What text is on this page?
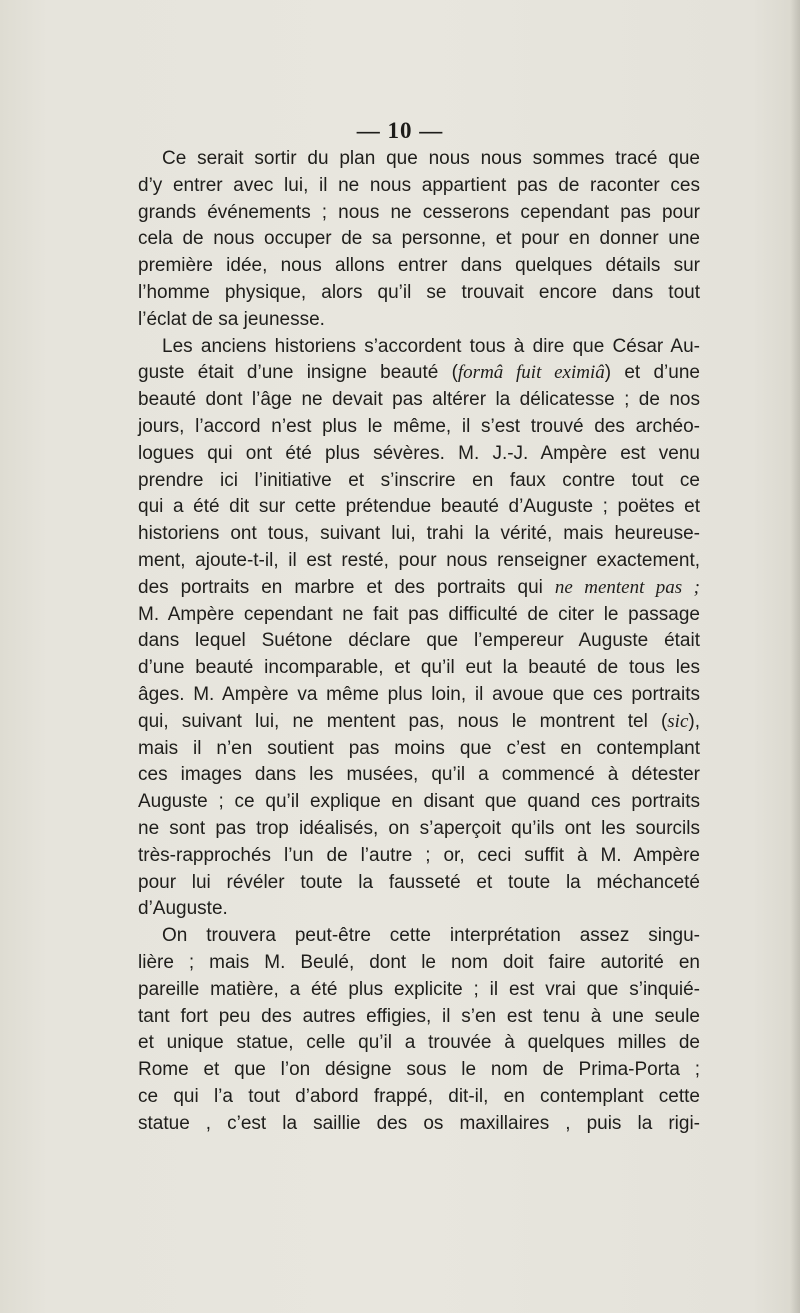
— 10 —
Ce serait sortir du plan que nous nous sommes tracé que
d’y entrer avec lui, il ne nous appartient pas de raconter ces
grands événements ; nous ne cesserons cependant pas pour
cela de nous occuper de sa personne, et pour en donner une
première idée, nous allons entrer dans quelques détails sur
l’homme physique, alors qu’il se trouvait encore dans tout
l’éclat de sa jeunesse.
Les anciens historiens s’accordent tous à dire que César Au-
guste était d’une insigne beauté (formâ fuit eximiâ) et d’une
beauté dont l’âge ne devait pas altérer la délicatesse ; de nos
jours, l’accord n’est plus le même, il s’est trouvé des archéo-
logues qui ont été plus sévères. M. J.-J. Ampère est venu
prendre ici l’initiative et s’inscrire en faux contre tout ce
qui a été dit sur cette prétendue beauté d’Auguste ; poëtes et
historiens ont tous, suivant lui, trahi la vérité, mais heureuse-
ment, ajoute-t-il, il est resté, pour nous renseigner exactement,
des portraits en marbre et des portraits qui ne mentent pas ;
M. Ampère cependant ne fait pas difficulté de citer le passage
dans lequel Suétone déclare que l’empereur Auguste était
d’une beauté incomparable, et qu’il eut la beauté de tous les
âges. M. Ampère va même plus loin, il avoue que ces portraits
qui, suivant lui, ne mentent pas, nous le montrent tel (sic),
mais il n’en soutient pas moins que c’est en contemplant
ces images dans les musées, qu’il a commencé à détester
Auguste ; ce qu’il explique en disant que quand ces portraits
ne sont pas trop idéalisés, on s’aperçoit qu’ils ont les sourcils
très-rapprochés l’un de l’autre ; or, ceci suffit à M. Ampère
pour lui révéler toute la fausseté et toute la méchanceté
d’Auguste.
On trouvera peut-être cette interprétation assez singu-
lière ; mais M. Beulé, dont le nom doit faire autorité en
pareille matière, a été plus explicite ; il est vrai que s’inquié-
tant fort peu des autres effigies, il s’en est tenu à une seule
et unique statue, celle qu’il a trouvée à quelques milles de
Rome et que l’on désigne sous le nom de Prima-Porta ;
ce qui l’a tout d’abord frappé, dit-il, en contemplant cette
statue , c’est la saillie des os maxillaires , puis la rigi-
